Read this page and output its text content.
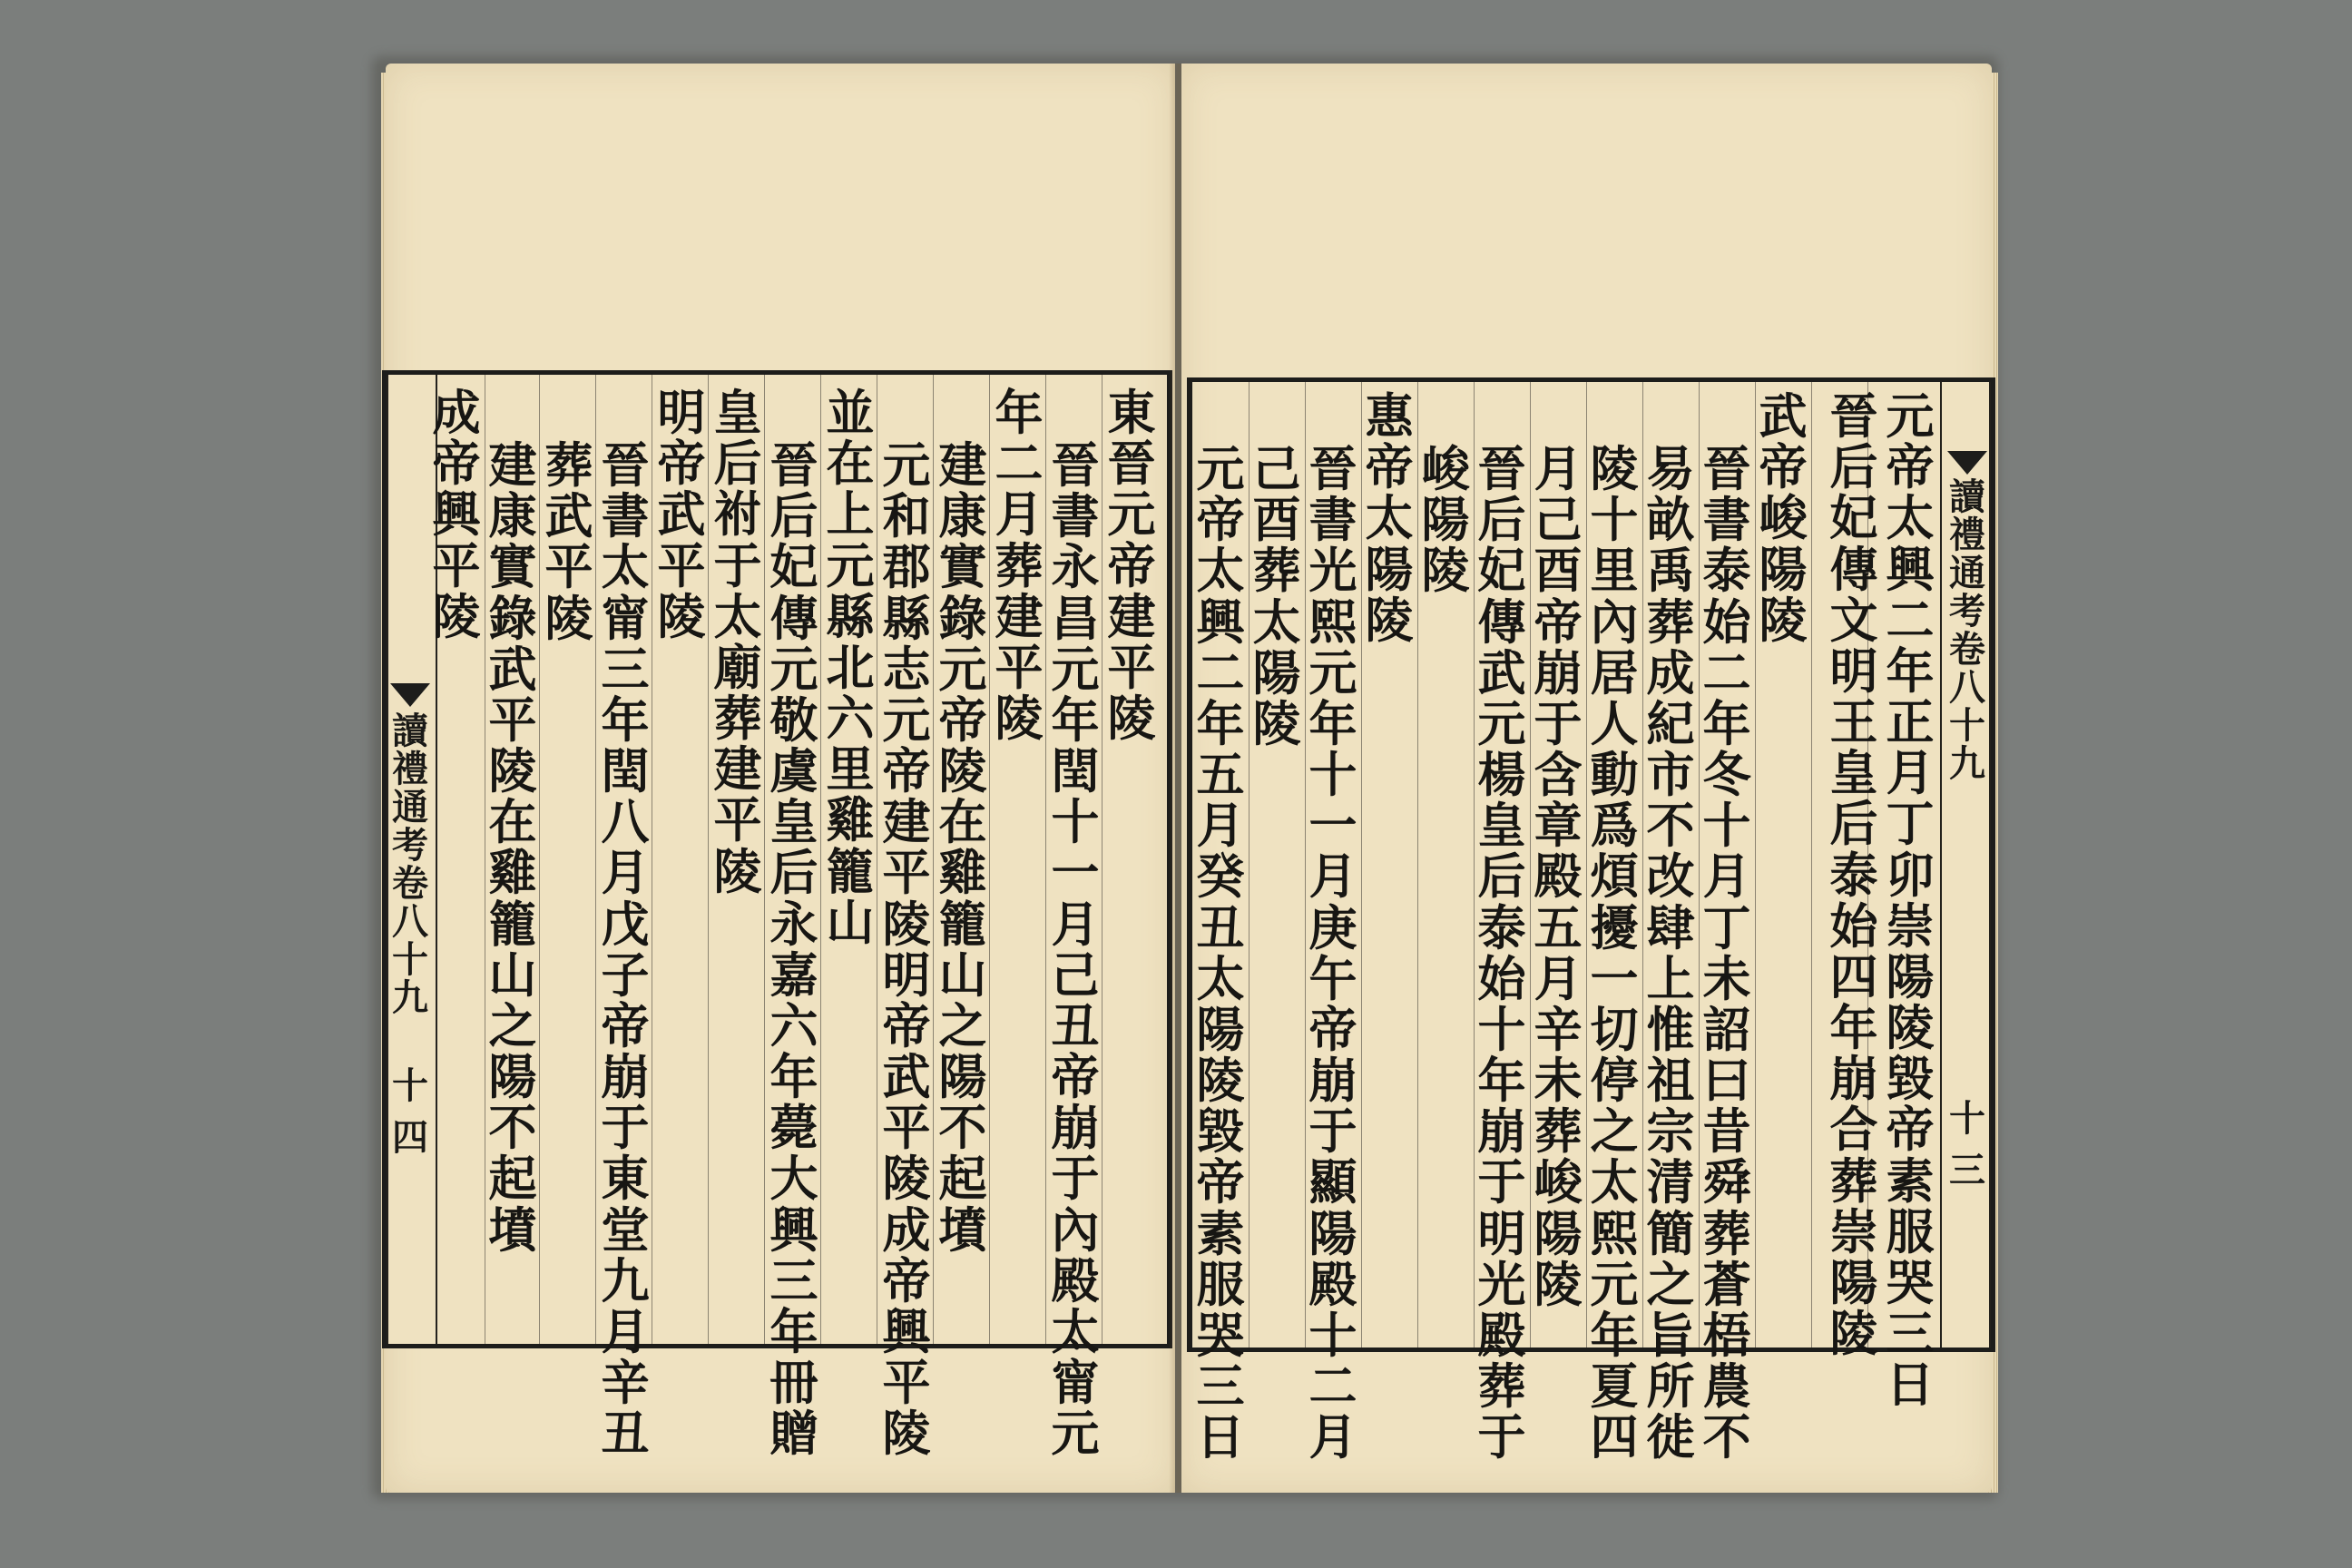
讀禮通考卷八十九
十四
東晉元帝建平陵
晉書永昌元年閏十一月己丑帝崩于內殿太甯元
年二月葬建平陵
建康實錄元帝陵在雞籠山之陽不起墳
元和郡縣志元帝建平陵明帝武平陵成帝興平陵
並在上元縣北六里雞籠山
晉后妃傳元敬虞皇后永嘉六年薨大興三年冊贈
皇后祔于太廟葬建平陵
明帝武平陵
晉書太甯三年閏八月戊子帝崩于東堂九月辛丑
葬武平陵
建康實錄武平陵在雞籠山之陽不起墳
成帝興平陵
讀禮通考卷八十九
十三
元帝太興二年正月丁卯崇陽陵毀帝素服哭三日
晉后妃傳文明王皇后泰始四年崩合葬崇陽陵
武帝峻陽陵
晉書泰始二年冬十月丁未詔曰昔舜葬蒼梧農不
易畝禹葬成紀市不改肆上惟祖宗清簡之旨所徙
陵十里內居人動爲煩擾一切停之太熙元年夏四
月己酉帝崩于含章殿五月辛未葬峻陽陵
晉后妃傳武元楊皇后泰始十年崩于明光殿葬于
峻陽陵
惠帝太陽陵
晉書光熙元年十一月庚午帝崩于顯陽殿十二月
己酉葬太陽陵
元帝太興二年五月癸丑太陽陵毀帝素服哭三日
